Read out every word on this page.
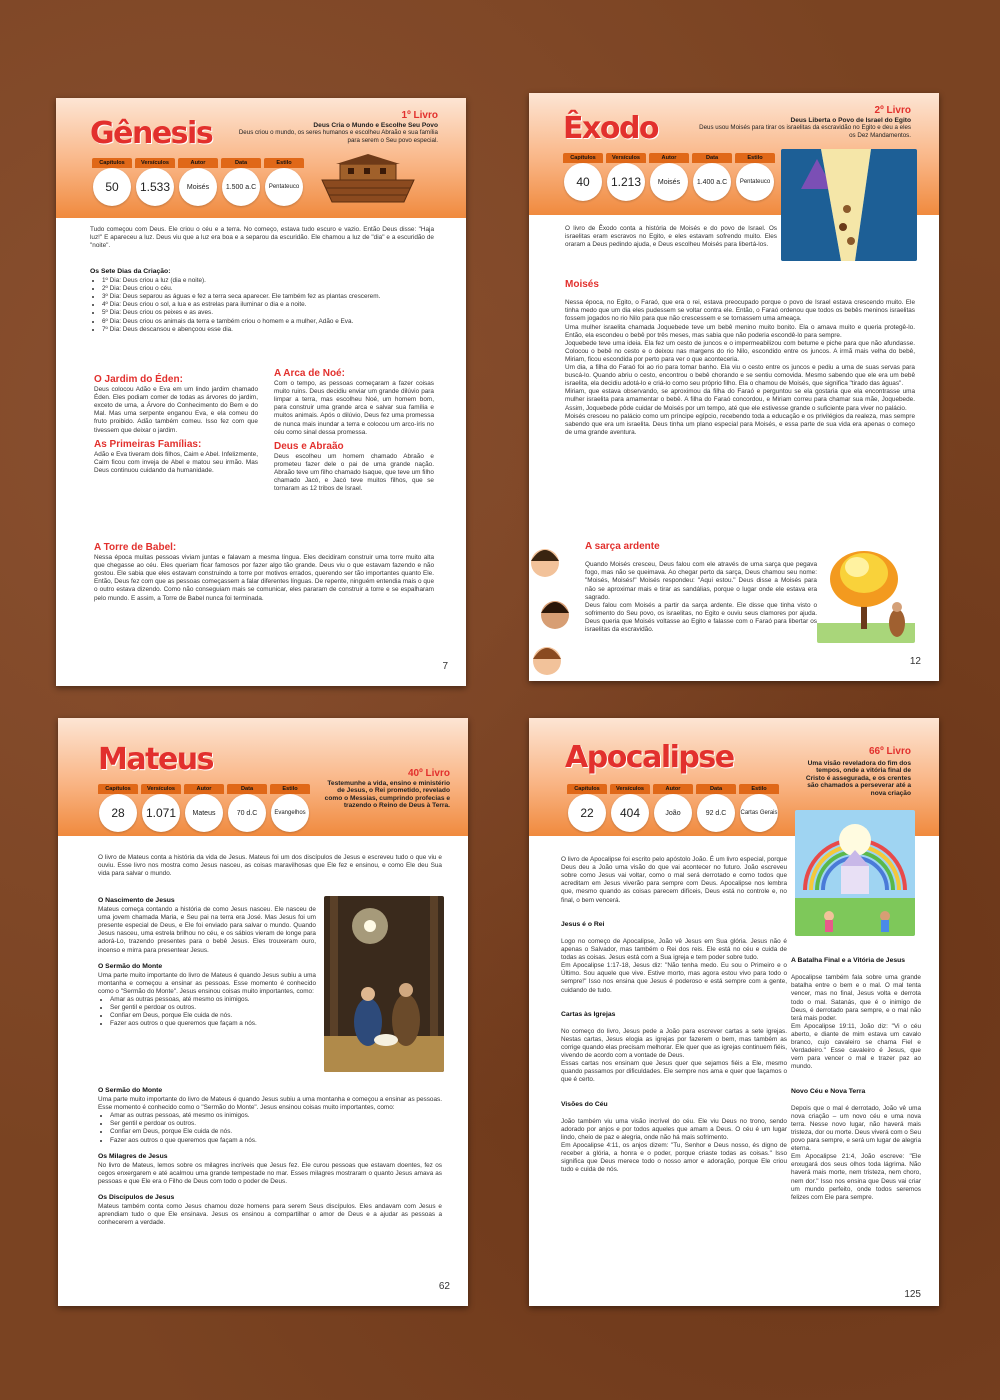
Gênesis
1º Livro
Deus Cria o Mundo e Escolhe Seu Povo
Deus criou o mundo, os seres humanos e escolheu Abraão e sua família para serem o Seu povo especial.
Capítulos
50
Versículos
1.533
Autor
Moisés
Data
1.500 a.C
Estilo
Pentateuco
Tudo começou com Deus. Ele criou o céu e a terra. No começo, estava tudo escuro e vazio. Então Deus disse: "Haja luz!" E apareceu a luz. Deus viu que a luz era boa e a separou da escuridão. Ele chamou a luz de "dia" e a escuridão de "noite".
Os Sete Dias da Criação:
• 1º Dia: Deus criou a luz (dia e noite).
• 2º Dia: Deus criou o céu.
• 3º Dia: Deus separou as águas e fez a terra seca aparecer. Ele também fez as plantas crescerem.
• 4º Dia: Deus criou o sol, a lua e as estrelas para iluminar o dia e a noite.
• 5º Dia: Deus criou os peixes e as aves.
• 6º Dia: Deus criou os animais da terra e também criou o homem e a mulher, Adão e Eva.
• 7º Dia: Deus descansou e abençoou esse dia.
O Jardim do Éden:
Deus colocou Adão e Eva em um lindo jardim chamado Éden. Eles podiam comer de todas as árvores do jardim, exceto de uma, a Árvore do Conhecimento do Bem e do Mal. Mas uma serpente enganou Eva, e ela comeu do fruto proibido. Adão também comeu. Isso fez com que tivessem que deixar o jardim.
As Primeiras Famílias:
Adão e Eva tiveram dois filhos, Caim e Abel. Infelizmente, Caim ficou com inveja de Abel e matou seu irmão. Mas Deus continuou cuidando da humanidade.
A Arca de Noé:
Com o tempo, as pessoas começaram a fazer coisas muito ruins. Deus decidiu enviar um grande dilúvio para limpar a terra, mas escolheu Noé, um homem bom, para construir uma grande arca e salvar sua família e muitos animais. Após o dilúvio, Deus fez uma promessa de nunca mais inundar a terra e colocou um arco-íris no céu como sinal dessa promessa.
Deus e Abraão
Deus escolheu um homem chamado Abraão e prometeu fazer dele o pai de uma grande nação. Abraão teve um filho chamado Isaque, que teve um filho chamado Jacó, e Jacó teve muitos filhos, que se tornaram as 12 tribos de Israel.
A Torre de Babel:
Nessa época muitas pessoas viviam juntas e falavam a mesma língua. Eles decidiram construir uma torre muito alta que chegasse ao céu. Eles queriam ficar famosos por fazer algo tão grande. Deus viu o que estavam fazendo e não gostou. Ele sabia que eles estavam construindo a torre por motivos errados, querendo ser tão importantes quanto Ele. Então, Deus fez com que as pessoas começassem a falar diferentes línguas. De repente, ninguém entendia mais o que o outro estava dizendo. Como não conseguiam mais se comunicar, eles pararam de construir a torre e se espalharam pelo mundo. E assim, a Torre de Babel nunca foi terminada.
7
Êxodo
2º Livro
Deus Liberta o Povo de Israel do Egito
Deus usou Moisés para tirar os israelitas da escravidão no Egito e deu a eles os Dez Mandamentos.
Capítulos
40
Versículos
1.213
Autor
Moisés
Data
1.400 a.C
Estilo
Pentateuco
O livro de Êxodo conta a história de Moisés e do povo de Israel. Os israelitas eram escravos no Egito, e eles estavam sofrendo muito. Eles oraram a Deus pedindo ajuda, e Deus escolheu Moisés para libertá-los.

Moisés

Nessa época, no Egito, o Faraó, que era o rei, estava preocupado porque o povo de Israel estava crescendo muito. Ele tinha medo que um dia eles pudessem se voltar contra ele. Então, o Faraó ordenou que todos os bebês meninos israelitas fossem jogados no rio Nilo para que não crescessem e se tornassem uma ameaça.
Uma mulher israelita chamada Joquebede teve um bebê menino muito bonito. Ela o amava muito e queria protegê-lo. Então, ela escondeu o bebê por três meses, mas sabia que não poderia escondê-lo para sempre.
Joquebede teve uma ideia. Ela fez um cesto de juncos e o impermeabilizou com betume e piche para que não afundasse. Colocou o bebê no cesto e o deixou nas margens do rio Nilo, escondido entre os juncos. A irmã mais velha do bebê, Miriam, ficou escondida por perto para ver o que aconteceria.
Um dia, a filha do Faraó foi ao rio para tomar banho. Ela viu o cesto entre os juncos e pediu a uma de suas servas para buscá-lo. Quando abriu o cesto, encontrou o bebê chorando e se sentiu comovida. Mesmo sabendo que ele era um bebê israelita, ela decidiu adotá-lo e criá-lo como seu próprio filho. Ela o chamou de Moisés, que significa "tirado das águas".
Miriam, que estava observando, se aproximou da filha do Faraó e perguntou se ela gostaria que ela encontrasse uma mulher israelita para amamentar o bebê. A filha do Faraó concordou, e Miriam correu para chamar sua mãe, Joquebede. Assim, Joquebede pôde cuidar de Moisés por um tempo, até que ele estivesse grande o suficiente para viver no palácio.
Moisés cresceu no palácio como um príncipe egípcio, recebendo toda a educação e os privilégios da realeza, mas sempre sabendo que era um israelita. Deus tinha um plano especial para Moisés, e essa parte de sua vida era apenas o começo de uma grande aventura.

A sarça ardente

Quando Moisés cresceu, Deus falou com ele através de uma sarça que pegava fogo, mas não se queimava. Ao chegar perto da sarça, Deus chamou seu nome: "Moisés, Moisés!" Moisés respondeu: "Aqui estou." Deus disse a Moisés para não se aproximar mais e tirar as sandálias, porque o lugar onde ele estava era sagrado.
Deus falou com Moisés a partir da sarça ardente. Ele disse que tinha visto o sofrimento do Seu povo, os israelitas, no Egito e ouviu seus clamores por ajuda. Deus queria que Moisés voltasse ao Egito e falasse com o Faraó para libertar os israelitas da escravidão.

12
Mateus	40º Livro
Testemunhe a vida, ensino e ministério de Jesus, o Rei prometido, revelado como o Messias, cumprindo profecias e trazendo o Reino de Deus à Terra.
Capítulos
28
Versículos
1.071
Autor
Mateus
Data
70 d.C
Estilo
Evangelhos
O livro de Mateus conta a história da vida de Jesus. Mateus foi um dos discípulos de Jesus e escreveu tudo o que viu e ouviu. Esse livro nos mostra como Jesus nasceu, as coisas maravilhosas que Ele fez e ensinou, e como Ele deu Sua vida para salvar o mundo.
O Nascimento de Jesus
Mateus começa contando a história de como Jesus nasceu. Ele nasceu de uma jovem chamada Maria, e Seu pai na terra era José. Mas Jesus foi um presente especial de Deus, e Ele foi enviado para salvar o mundo. Quando Jesus nasceu, uma estrela brilhou no céu, e os sábios vieram de longe para adorá-Lo, trazendo presentes para o bebê Jesus. Eles trouxeram ouro, incenso e mirra para presentear Jesus.
O Sermão do Monte
Uma parte muito importante do livro de Mateus é quando Jesus subiu a uma montanha e começou a ensinar as pessoas. Esse momento é conhecido como o "Sermão do Monte". Jesus ensinou coisas muito importantes, como:
• Amar as outras pessoas, até mesmo os inimigos.
• Ser gentil e perdoar os outros.
• Confiar em Deus, porque Ele cuida de nós.
• Fazer aos outros o que queremos que façam a nós.
O Sermão do Monte
Uma parte muito importante do livro de Mateus é quando Jesus subiu a uma montanha e começou a ensinar as pessoas. Esse momento é conhecido como o "Sermão do Monte". Jesus ensinou coisas muito importantes, como:
• Amar as outras pessoas, até mesmo os inimigos.
• Ser gentil e perdoar os outros.
• Confiar em Deus, porque Ele cuida de nós.
• Fazer aos outros o que queremos que façam a nós.
Os Milagres de Jesus
No livro de Mateus, lemos sobre os milagres incríveis que Jesus fez. Ele curou pessoas que estavam doentes, fez os cegos enxergarem e até acalmou uma grande tempestade no mar. Esses milagres mostraram o quanto Jesus amava as pessoas e que Ele era o Filho de Deus com todo o poder de Deus.
Os Discípulos de Jesus
Mateus também conta como Jesus chamou doze homens para serem Seus discípulos. Eles andavam com Jesus e aprendiam tudo o que Ele ensinava. Jesus os ensinou a compartilhar o amor de Deus e a ajudar as pessoas a conhecerem a verdade.
62
Apocalipse	66º Livro
Uma visão reveladora do fim dos tempos, onde a vitória final de Cristo é assegurada, e os crentes são chamados a perseverar até a nova criação
Capítulos
22
Versículos
404
Autor
João
Data
92 d.C
Estilo
Cartas Gerais

O livro de Apocalipse foi escrito pelo apóstolo João. É um livro especial, porque Deus deu a João uma visão do que vai acontecer no futuro. João escreveu sobre como Jesus vai voltar, como o mal será derrotado e como todos que acreditam em Jesus viverão para sempre com Deus. Apocalipse nos lembra que, mesmo quando as coisas parecem difíceis, Deus está no controle e, no final, o bem vencerá.

Jesus é o Rei

Logo no começo de Apocalipse, João vê Jesus em Sua glória. Jesus não é apenas o Salvador, mas também o Rei dos reis. Ele está no céu e cuida de todas as coisas. Jesus está com a Sua igreja e tem poder sobre tudo.
Em Apocalipse 1:17-18, Jesus diz: "Não tenha medo. Eu sou o Primeiro e o Último. Sou aquele que vive. Estive morto, mas agora estou vivo para todo o sempre!" Isso nos ensina que Jesus é poderoso e está sempre com a gente, cuidando de tudo.

Cartas às Igrejas

No começo do livro, Jesus pede a João para escrever cartas a sete igrejas. Nestas cartas, Jesus elogia as igrejas por fazerem o bem, mas também as corrige quando elas precisam melhorar. Ele quer que as igrejas continuem fiéis, vivendo de acordo com a vontade de Deus.
Essas cartas nos ensinam que Jesus quer que sejamos fiéis a Ele, mesmo quando passamos por dificuldades. Ele sempre nos ama e quer que façamos o que é certo.

Visões do Céu

João também viu uma visão incrível do céu. Ele viu Deus no trono, sendo adorado por anjos e por todos aqueles que amam a Deus. O céu é um lugar lindo, cheio de paz e alegria, onde não há mais sofrimento.
Em Apocalipse 4:11, os anjos dizem: "Tu, Senhor e Deus nosso, és digno de receber a glória, a honra e o poder, porque criaste todas as coisas." Isso significa que Deus merece todo o nosso amor e adoração, porque Ele criou tudo e cuida de nós.

A Batalha Final e a Vitória de Jesus

Apocalipse também fala sobre uma grande batalha entre o bem e o mal. O mal tenta vencer, mas no final, Jesus volta e derrota todo o mal. Satanás, que é o inimigo de Deus, é derrotado para sempre, e o mal não terá mais poder.
Em Apocalipse 19:11, João diz: "Vi o céu aberto, e diante de mim estava um cavalo branco, cujo cavaleiro se chama Fiel e Verdadeiro." Esse cavaleiro é Jesus, que vem para vencer o mal e trazer paz ao mundo.

Novo Céu e Nova Terra

Depois que o mal é derrotado, João vê uma nova criação – um novo céu e uma nova terra. Nesse novo lugar, não haverá mais tristeza, dor ou morte. Deus viverá com o Seu povo para sempre, e será um lugar de alegria eterna.
Em Apocalipse 21:4, João escreve: "Ele enxugará dos seus olhos toda lágrima. Não haverá mais morte, nem tristeza, nem choro, nem dor." Isso nos ensina que Deus vai criar um mundo perfeito, onde todos seremos felizes com Ele para sempre.

125
